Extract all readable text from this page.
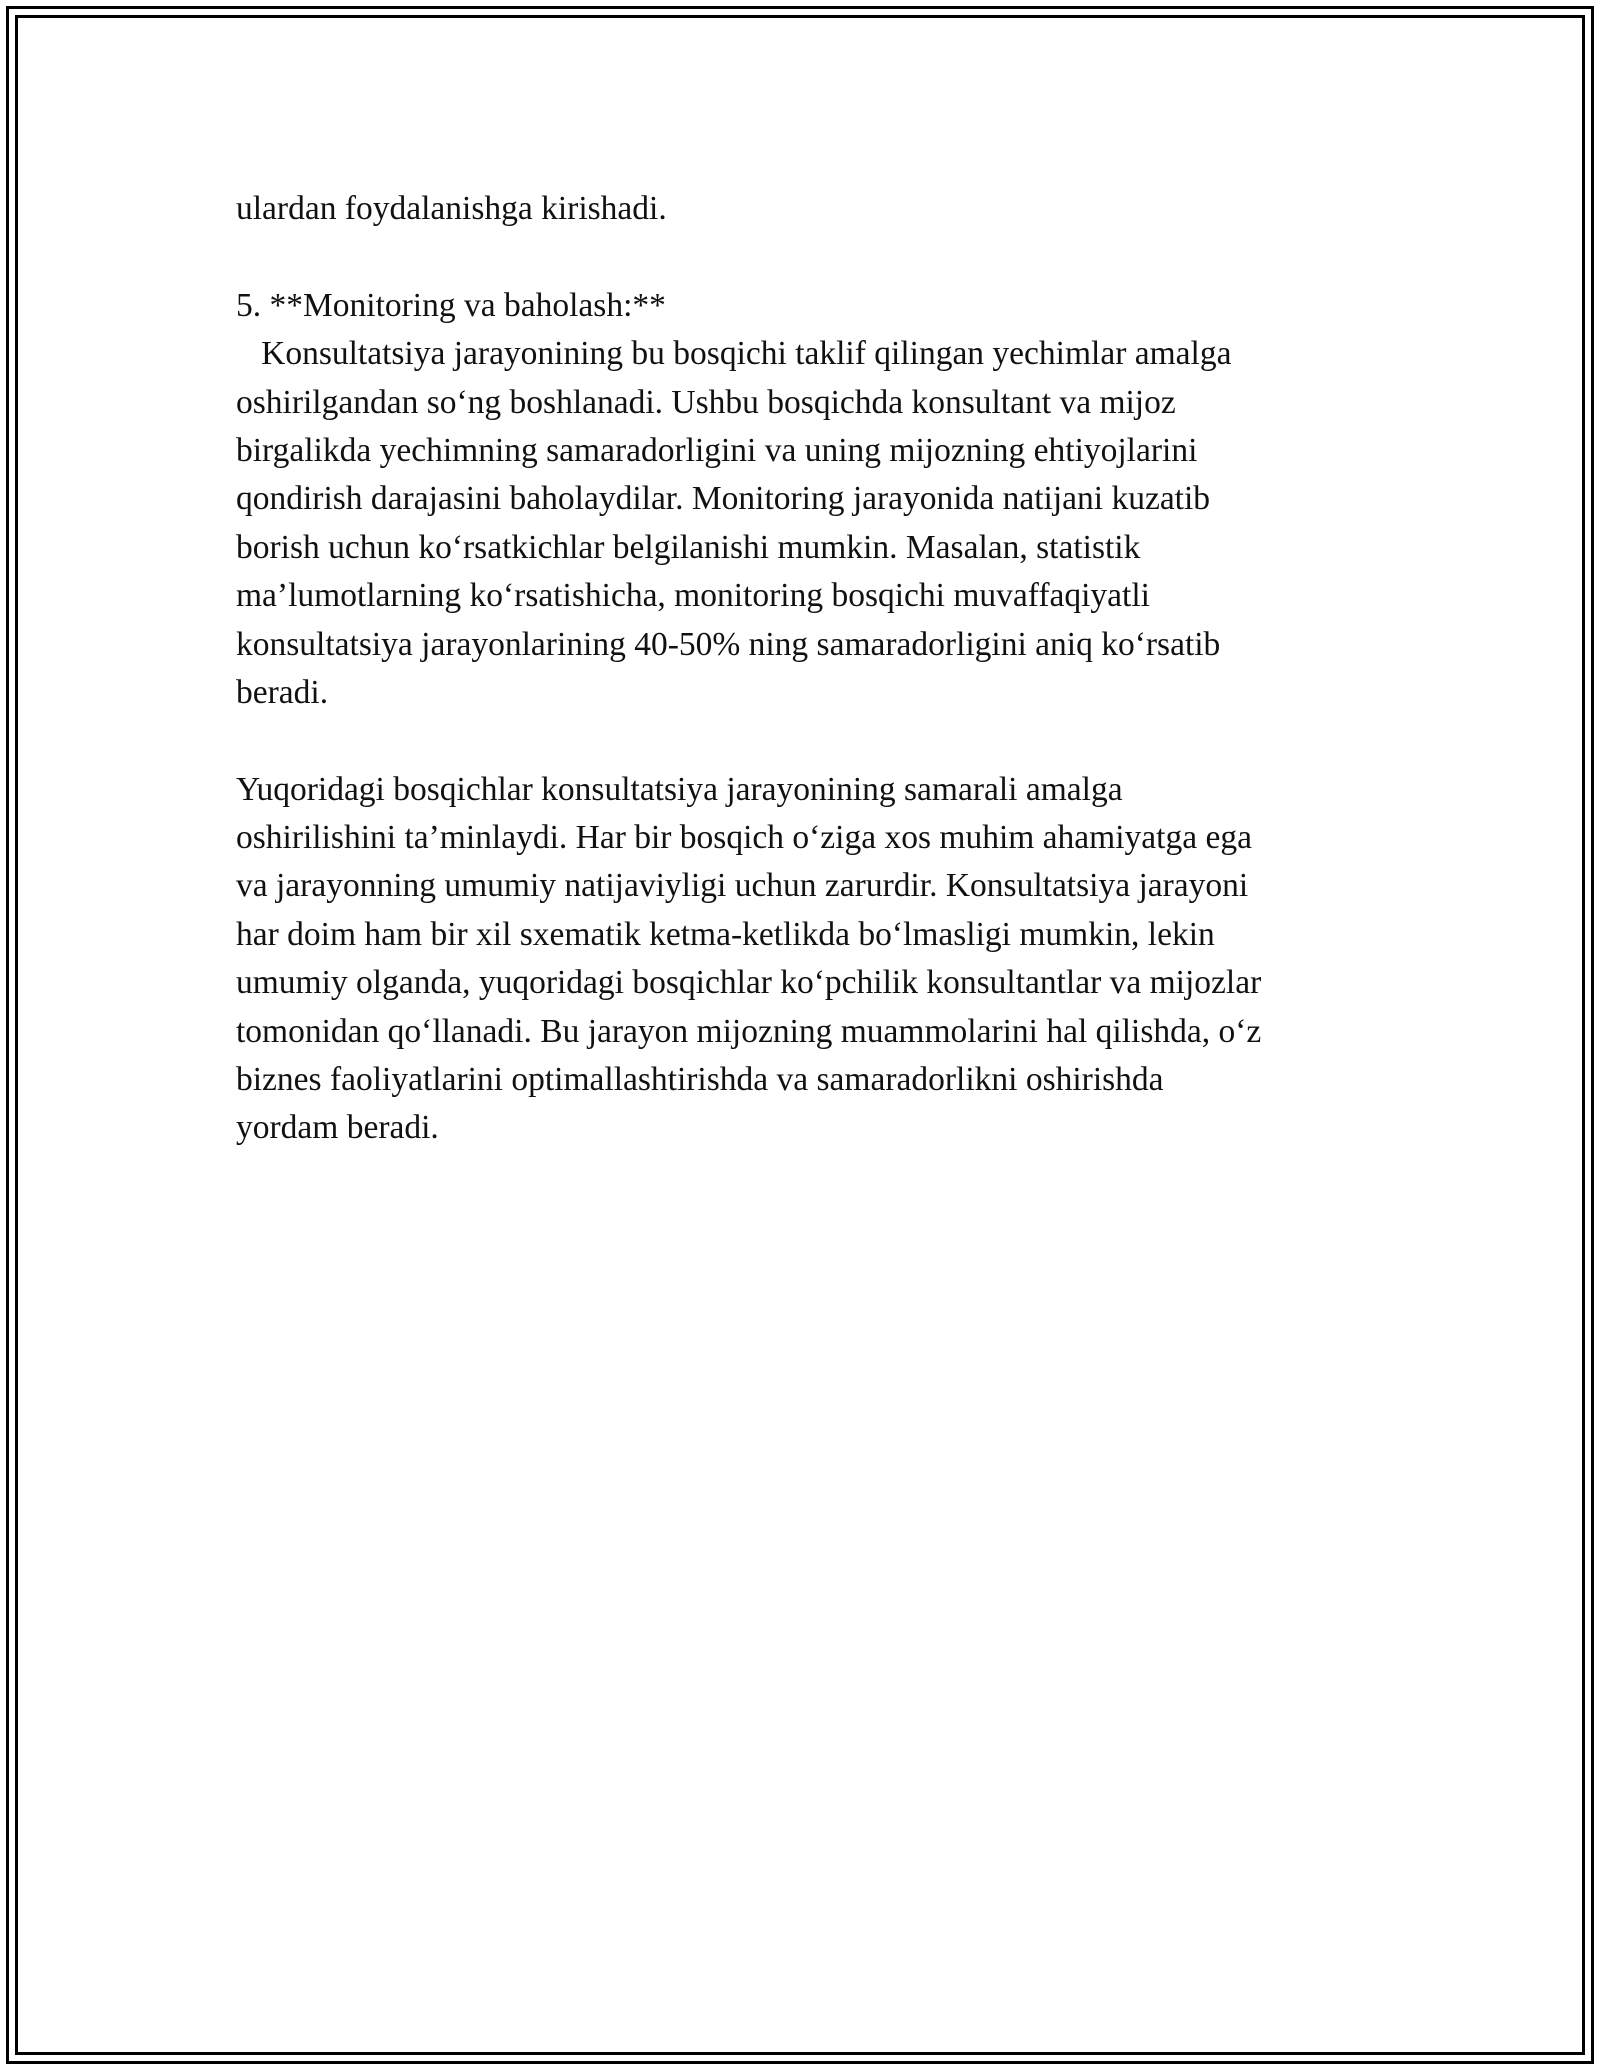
ulardan foydalanishga kirishadi.
5. **Monitoring va baholash:**
Konsultatsiya jarayonining bu bosqichi taklif qilingan yechimlar amalga
oshirilgandan so‘ng boshlanadi. Ushbu bosqichda konsultant va mijoz
birgalikda yechimning samaradorligini va uning mijozning ehtiyojlarini
qondirish darajasini baholaydilar. Monitoring jarayonida natijani kuzatib
borish uchun ko‘rsatkichlar belgilanishi mumkin. Masalan, statistik
ma’lumotlarning ko‘rsatishicha, monitoring bosqichi muvaffaqiyatli
konsultatsiya jarayonlarining 40-50% ning samaradorligini aniq ko‘rsatib
beradi.
Yuqoridagi bosqichlar konsultatsiya jarayonining samarali amalga
oshirilishini ta’minlaydi. Har bir bosqich o‘ziga xos muhim ahamiyatga ega
va jarayonning umumiy natijaviyligi uchun zarurdir. Konsultatsiya jarayoni
har doim ham bir xil sxematik ketma-ketlikda bo‘lmasligi mumkin, lekin
umumiy olganda, yuqoridagi bosqichlar ko‘pchilik konsultantlar va mijozlar
tomonidan qo‘llanadi. Bu jarayon mijozning muammolarini hal qilishda, o‘z
biznes faoliyatlarini optimallashtirishda va samaradorlikni oshirishda
yordam beradi.
